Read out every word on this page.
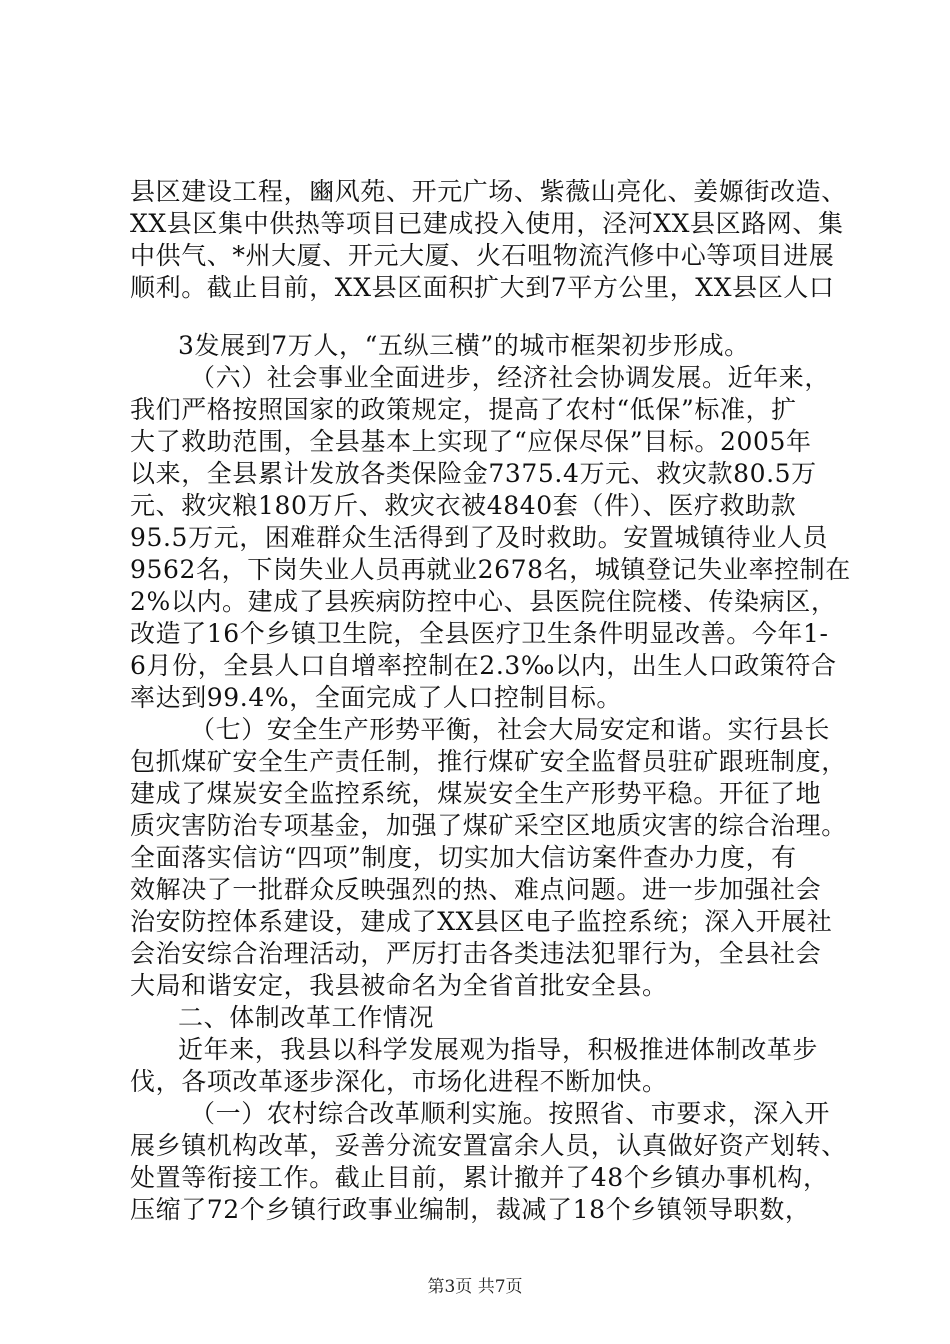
县区建设工程，豳风苑、开元广场、紫薇山亮化、姜嫄街改造、
XX县区集中供热等项目已建成投入使用，泾河XX县区路网、集
中供气、*州大厦、开元大厦、火石咀物流汽修中心等项目进展
顺利。截止目前，XX县区面积扩大到7平方公里，XX县区人口
3发展到7万人，“五纵三横”的城市框架初步形成。
（六）社会事业全面进步，经济社会协调发展。近年来，
我们严格按照国家的政策规定，提高了农村“低保”标准，扩
大了救助范围，全县基本上实现了“应保尽保”目标。2005年
以来，全县累计发放各类保险金7375.4万元、救灾款80.5万
元、救灾粮180万斤、救灾衣被4840套（件）、医疗救助款
95.5万元，困难群众生活得到了及时救助。安置城镇待业人员
9562名，下岗失业人员再就业2678名，城镇登记失业率控制在
2%以内。建成了县疾病防控中心、县医院住院楼、传染病区，
改造了16个乡镇卫生院，全县医疗卫生条件明显改善。今年1-
6月份，全县人口自增率控制在2.3‰以内，出生人口政策符合
率达到99.4%，全面完成了人口控制目标。
（七）安全生产形势平衡，社会大局安定和谐。实行县长
包抓煤矿安全生产责任制，推行煤矿安全监督员驻矿跟班制度，
建成了煤炭安全监控系统，煤炭安全生产形势平稳。开征了地
质灾害防治专项基金，加强了煤矿采空区地质灾害的综合治理。
全面落实信访“四项”制度，切实加大信访案件查办力度，有
效解决了一批群众反映强烈的热、难点问题。进一步加强社会
治安防控体系建设，建成了XX县区电子监控系统；深入开展社
会治安综合治理活动，严厉打击各类违法犯罪行为，全县社会
大局和谐安定，我县被命名为全省首批安全县。
二、体制改革工作情况
近年来，我县以科学发展观为指导，积极推进体制改革步
伐，各项改革逐步深化，市场化进程不断加快。
（一）农村综合改革顺利实施。按照省、市要求，深入开
展乡镇机构改革，妥善分流安置富余人员，认真做好资产划转、
处置等衔接工作。截止目前，累计撤并了48个乡镇办事机构，
压缩了72个乡镇行政事业编制，裁减了18个乡镇领导职数，
第3页 共7页
